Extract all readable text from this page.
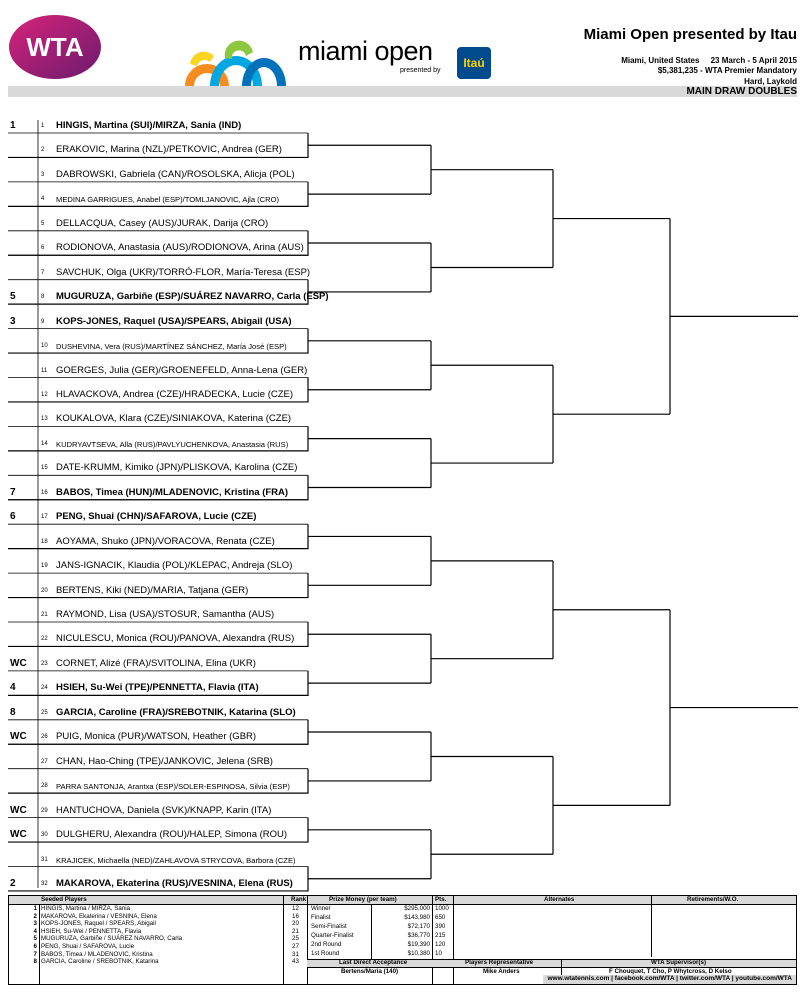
WTA	miami open
presented by
Itaú
Miami Open presented by Itau
Miami, United States 23 March - 5 April 2015
$5,381,235 - WTA Premier Mandatory
Hard, Laykold
MAIN DRAW DOUBLES
1	1 HINGIS, Martina (SUI)/MIRZA, Sania (IND)
2 ERAKOVIC, Marina (NZL)/PETKOVIC, Andrea (GER)
3 DABROWSKI, Gabriela (CAN)/ROSOLSKA, Alicja (POL)
4 MEDINA GARRIGUES, Anabel (ESP)/TOMLJANOVIC, Ajla (CRO)
5 DELLACQUA, Casey (AUS)/JURAK, Darija (CRO)
6 RODIONOVA, Anastasia (AUS)/RODIONOVA, Arina (AUS)
7 SAVCHUK, Olga (UKR)/TORRÓ-FLOR, María-Teresa (ESP)
5	8 MUGURUZA, Garbiñe (ESP)/SUÁREZ NAVARRO, Carla (ESP)
3	9 KOPS-JONES, Raquel (USA)/SPEARS, Abigail (USA)
10 DUSHEVINA, Vera (RUS)/MARTÍNEZ SÁNCHEZ, María José (ESP)
11 GOERGES, Julia (GER)/GROENEFELD, Anna-Lena (GER)
12 HLAVACKOVA, Andrea (CZE)/HRADECKA, Lucie (CZE)
13 KOUKALOVA, Klara (CZE)/SINIAKOVA, Katerina (CZE)
14 KUDRYAVTSEVA, Alla (RUS)/PAVLYUCHENKOVA, Anastasia (RUS)
15 DATE-KRUMM, Kimiko (JPN)/PLISKOVA, Karolina (CZE)
7	16 BABOS, Timea (HUN)/MLADENOVIC, Kristina (FRA)
6	17 PENG, Shuai (CHN)/SAFAROVA, Lucie (CZE)
18 AOYAMA, Shuko (JPN)/VORACOVA, Renata (CZE)
19 JANS-IGNACIK, Klaudia (POL)/KLEPAC, Andreja (SLO)
20 BERTENS, Kiki (NED)/MARIA, Tatjana (GER)
21 RAYMOND, Lisa (USA)/STOSUR, Samantha (AUS)
22 NICULESCU, Monica (ROU)/PANOVA, Alexandra (RUS)
WC	23 CORNET, Alizé (FRA)/SVITOLINA, Elina (UKR)
4	24 HSIEH, Su-Wei (TPE)/PENNETTA, Flavia (ITA)
8	25 GARCIA, Caroline (FRA)/SREBOTNIK, Katarina (SLO)
WC	26 PUIG, Monica (PUR)/WATSON, Heather (GBR)
27 CHAN, Hao-Ching (TPE)/JANKOVIC, Jelena (SRB)
28 PARRA SANTONJA, Arantxa (ESP)/SOLER-ESPINOSA, Silvia (ESP)
WC	29 HANTUCHOVA, Daniela (SVK)/KNAPP, Karin (ITA)
WC	30 DULGHERU, Alexandra (ROU)/HALEP, Simona (ROU)
31 KRAJICEK, Michaella (NED)/ZAHLAVOVA STRYCOVA, Barbora (CZE)
2	32 MAKAROVA, Ekaterina (RUS)/VESNINA, Elena (RUS)
Seeded Players	Rank
1 HINGIS, Martina / MIRZA, Sania	12
2 MAKAROVA, Ekaterina / VESNINA, Elena	16
3 KOPS-JONES, Raquel / SPEARS, Abigail	20
4 HSIEH, Su-Wei / PENNETTA, Flavia	21
5 MUGURUZA, Garbiñe / SUÁREZ NAVARRO, Carla	25
6 PENG, Shuai / SAFAROVA, Lucie	27
7 BABOS, Timea / MLADENOVIC, Kristina	31
8 GARCIA, Caroline / SREBOTNIK, Katarina	43
Prize Money (per team)	Pts.
Winner	$295,000 1000
Finalist	$143,980 650
Semi-Finalist	$72,170 390
Quarter-Finalist	$36,770 215
2nd Round	$19,390 120
1st Round	$10,380 10
Alternates	Retirements/W.O.
Last Direct Acceptance
Bertens/Maria (140)
Players Representative
Mike Anders
WTA Supervisor(s)
F Chouquet, T Cho, P Whytcross, D Kelso
www.wtatennis.com | facebook.com/WTA | twitter.com/WTA | youtube.com/WTA
